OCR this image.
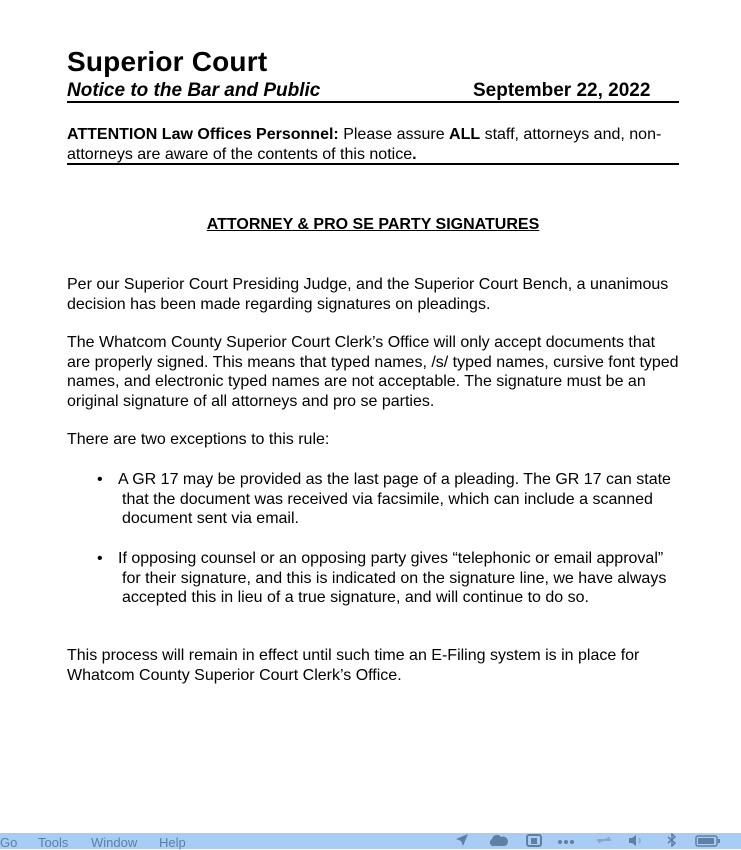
Superior Court
Notice to the Bar and Public	September 22, 2022
ATTENTION Law Offices Personnel: Please assure ALL staff, attorneys and, non-attorneys are aware of the contents of this notice.
ATTORNEY & PRO SE PARTY SIGNATURES

Per our Superior Court Presiding Judge, and the Superior Court Bench, a unanimous decision has been made regarding signatures on pleadings.

The Whatcom County Superior Court Clerk’s Office will only accept documents that are properly signed. This means that typed names, /s/ typed names, cursive font typed names, and electronic typed names are not acceptable. The signature must be an original signature of all attorneys and pro se parties.

There are two exceptions to this rule:

• A GR 17 may be provided as the last page of a pleading. The GR 17 can state that the document was received via facsimile, which can include a scanned document sent via email.
• If opposing counsel or an opposing party gives “telephonic or email approval” for their signature, and this is indicated on the signature line, we have always accepted this in lieu of a true signature, and will continue to do so.

This process will remain in effect until such time an E-Filing system is in place for Whatcom County Superior Court Clerk’s Office.

Go Tools Window Help
